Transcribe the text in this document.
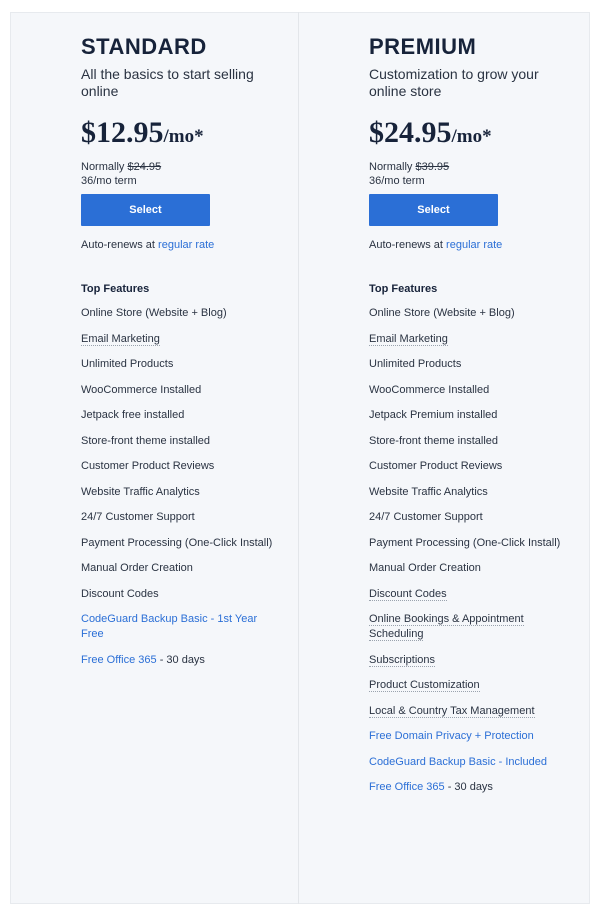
STANDARD
All the basics to start selling online
$12.95/mo*
Normally $24.95
36/mo term
Select
Auto-renews at regular rate
Top Features
Online Store (Website + Blog)
Email Marketing
Unlimited Products
WooCommerce Installed
Jetpack free installed
Store-front theme installed
Customer Product Reviews
Website Traffic Analytics
24/7 Customer Support
Payment Processing (One-Click Install)
Manual Order Creation
Discount Codes
CodeGuard Backup Basic - 1st Year Free
Free Office 365 - 30 days
PREMIUM
Customization to grow your online store
$24.95/mo*
Normally $39.95
36/mo term
Select
Auto-renews at regular rate
Top Features
Online Store (Website + Blog)
Email Marketing
Unlimited Products
WooCommerce Installed
Jetpack Premium installed
Store-front theme installed
Customer Product Reviews
Website Traffic Analytics
24/7 Customer Support
Payment Processing (One-Click Install)
Manual Order Creation
Discount Codes
Online Bookings & Appointment Scheduling
Subscriptions
Product Customization
Local & Country Tax Management
Free Domain Privacy + Protection
CodeGuard Backup Basic - Included
Free Office 365 - 30 days
